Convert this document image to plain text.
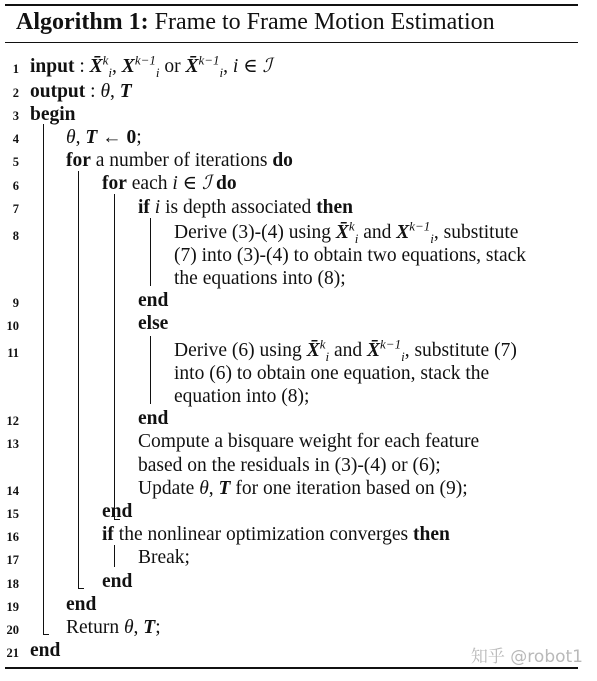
Algorithm 1: Frame to Frame Motion Estimation
1
2
3
4
5
6
7
8
9
10
11
12
13
14
15
16
17
18
19
20
21
input : X̄$^k_i$, $X^{k-1}_i$ or X̄$^{k-1}_i$, i ∈ ℐ
output : θ, T
begin
θ, T ← 0;
for a number of iterations do
for each i ∈ ℐ do
if i is depth associated then
Derive (3)-(4) using X̄$^k_i$ and $X^{k-1}_i$, substitute
(7) into (3)-(4) to obtain two equations, stack
the equations into (8);
end
else
Derive (6) using X̄$^k_i$ and X̄$^{k-1}_i$, substitute (7)
into (6) to obtain one equation, stack the
equation into (8);
end
Compute a bisquare weight for each feature
based on the residuals in (3)-(4) or (6);
Update θ, T for one iteration based on (9);
end
if the nonlinear optimization converges then
Break;
end
end
Return θ, T;
end	知乎 @robot1
